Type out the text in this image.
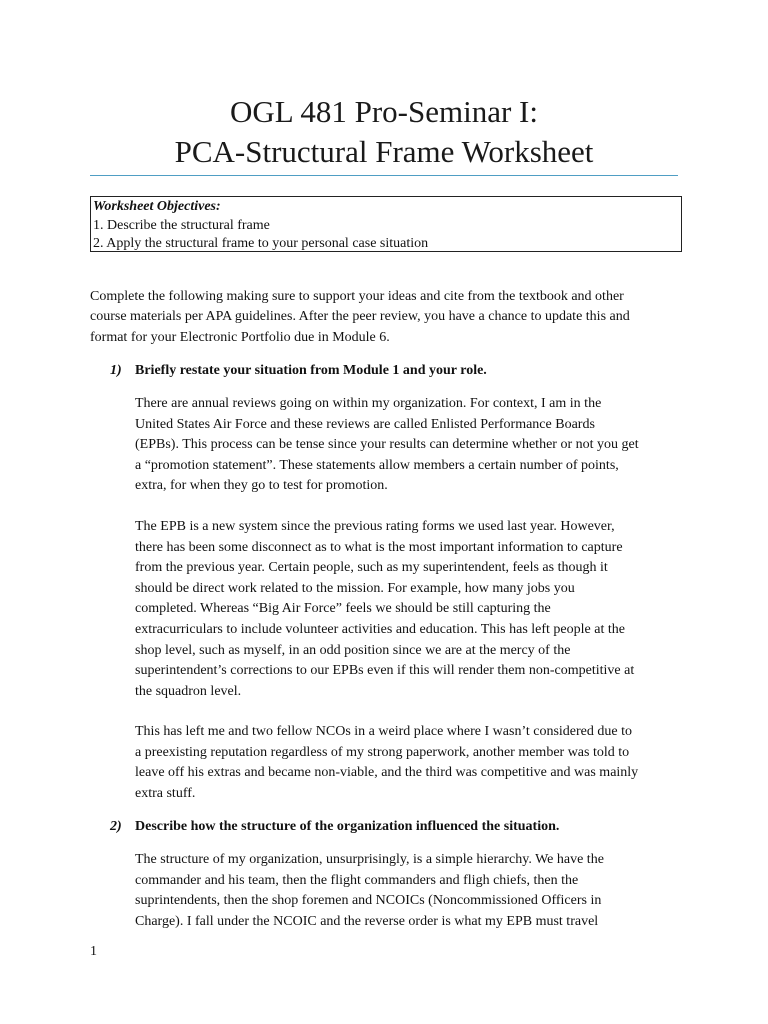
OGL 481 Pro-Seminar I:
PCA-Structural Frame Worksheet
Worksheet Objectives:
1. Describe the structural frame
2. Apply the structural frame to your personal case situation
Complete the following making sure to support your ideas and cite from the textbook and other
course materials per APA guidelines. After the peer review, you have a chance to update this and
format for your Electronic Portfolio due in Module 6.
1) Briefly restate your situation from Module 1 and your role.
There are annual reviews going on within my organization. For context, I am in the
United States Air Force and these reviews are called Enlisted Performance Boards
(EPBs). This process can be tense since your results can determine whether or not you get
a “promotion statement”. These statements allow members a certain number of points,
extra, for when they go to test for promotion.
The EPB is a new system since the previous rating forms we used last year. However,
there has been some disconnect as to what is the most important information to capture
from the previous year. Certain people, such as my superintendent, feels as though it
should be direct work related to the mission. For example, how many jobs you
completed. Whereas “Big Air Force” feels we should be still capturing the
extracurriculars to include volunteer activities and education. This has left people at the
shop level, such as myself, in an odd position since we are at the mercy of the
superintendent’s corrections to our EPBs even if this will render them non-competitive at
the squadron level.
This has left me and two fellow NCOs in a weird place where I wasn’t considered due to
a preexisting reputation regardless of my strong paperwork, another member was told to
leave off his extras and became non-viable, and the third was competitive and was mainly
extra stuff.
2) Describe how the structure of the organization influenced the situation.
The structure of my organization, unsurprisingly, is a simple hierarchy. We have the
commander and his team, then the flight commanders and fligh chiefs, then the
suprintendents, then the shop foremen and NCOICs (Noncommissioned Officers in
Charge). I fall under the NCOIC and the reverse order is what my EPB must travel
1
